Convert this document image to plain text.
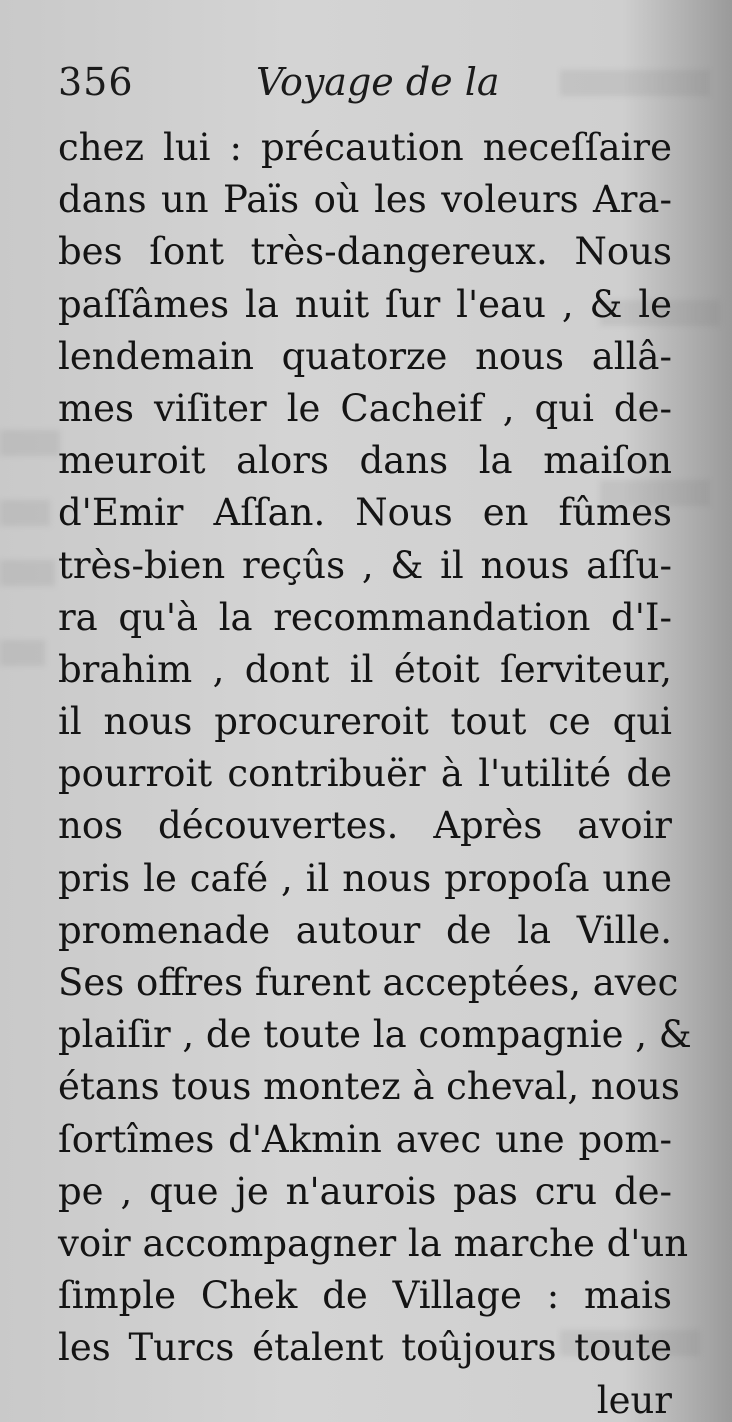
356	Voyage de la
chez lui : précaution neceſſaire
dans un Païs où les voleurs Ara-
bes ſont très-dangereux. Nous
paſſâmes la nuit ſur l'eau , & le
lendemain quatorze nous allâ-
mes viſiter le Cacheif , qui de-
meuroit alors dans la maiſon
d'Emir Aſſan. Nous en fûmes
très-bien reçûs , & il nous aſſu-
ra qu'à la recommandation d'I-
brahim , dont il étoit ſerviteur,
il nous procureroit tout ce qui
pourroit contribuër à l'utilité de
nos découvertes. Après avoir
pris le café , il nous propoſa une
promenade autour de la Ville.
Ses offres furent acceptées, avec
plaiſir , de toute la compagnie , &
étans tous montez à cheval, nous
ſortîmes d'Akmin avec une pom-
pe , que je n'aurois pas cru de-
voir accompagner la marche d'un
ſimple Chek de Village : mais
les Turcs étalent toûjours toute
leur
